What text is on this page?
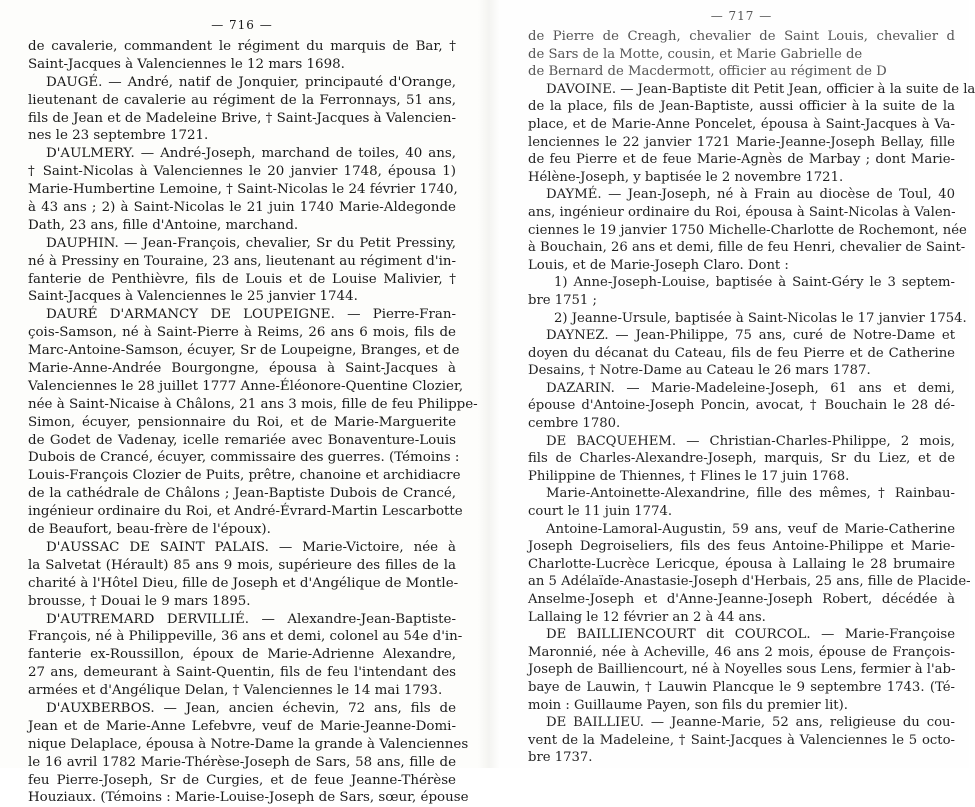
— 716 —
de cavalerie, commandent le régiment du marquis de Bar, †
Saint-Jacques à Valenciennes le 12 mars 1698.
DAUGÉ. — André, natif de Jonquier, principauté d'Orange,
lieutenant de cavalerie au régiment de la Ferronnays, 51 ans,
fils de Jean et de Madeleine Brive, † Saint-Jacques à Valencien-
nes le 23 septembre 1721.
D'AULMERY. — André-Joseph, marchand de toiles, 40 ans,
† Saint-Nicolas à Valenciennes le 20 janvier 1748, épousa 1)
Marie-Humbertine Lemoine, † Saint-Nicolas le 24 février 1740,
à 43 ans ; 2) à Saint-Nicolas le 21 juin 1740 Marie-Aldegonde
Dath, 23 ans, fille d'Antoine, marchand.
DAUPHIN. — Jean-François, chevalier, Sr du Petit Pressiny,
né à Pressiny en Touraine, 23 ans, lieutenant au régiment d'in-
fanterie de Penthièvre, fils de Louis et de Louise Malivier, †
Saint-Jacques à Valenciennes le 25 janvier 1744.
DAURÉ D'ARMANCY DE LOUPEIGNE. — Pierre-Fran-
çois-Samson, né à Saint-Pierre à Reims, 26 ans 6 mois, fils de
Marc-Antoine-Samson, écuyer, Sr de Loupeigne, Branges, et de
Marie-Anne-Andrée Bourgongne, épousa à Saint-Jacques à
Valenciennes le 28 juillet 1777 Anne-Éléonore-Quentine Clozier,
née à Saint-Nicaise à Châlons, 21 ans 3 mois, fille de feu Philippe-
Simon, écuyer, pensionnaire du Roi, et de Marie-Marguerite
de Godet de Vadenay, icelle remariée avec Bonaventure-Louis
Dubois de Crancé, écuyer, commissaire des guerres. (Témoins :
Louis-François Clozier de Puits, prêtre, chanoine et archidiacre
de la cathédrale de Châlons ; Jean-Baptiste Dubois de Crancé,
ingénieur ordinaire du Roi, et André-Évrard-Martin Lescarbotte
de Beaufort, beau-frère de l'époux).
D'AUSSAC DE SAINT PALAIS. — Marie-Victoire, née à
la Salvetat (Hérault) 85 ans 9 mois, supérieure des filles de la
charité à l'Hôtel Dieu, fille de Joseph et d'Angélique de Montle-
brousse, † Douai le 9 mars 1895.
D'AUTREMARD DERVILLIÉ. — Alexandre-Jean-Baptiste-
François, né à Philippeville, 36 ans et demi, colonel au 54e d'in-
fanterie ex-Roussillon, époux de Marie-Adrienne Alexandre,
27 ans, demeurant à Saint-Quentin, fils de feu l'intendant des
armées et d'Angélique Delan, † Valenciennes le 14 mai 1793.
D'AUXBERBOS. — Jean, ancien échevin, 72 ans, fils de
Jean et de Marie-Anne Lefebvre, veuf de Marie-Jeanne-Domi-
nique Delaplace, épousa à Notre-Dame la grande à Valenciennes
le 16 avril 1782 Marie-Thérèse-Joseph de Sars, 58 ans, fille de
feu Pierre-Joseph, Sr de Curgies, et de feue Jeanne-Thérèse
Houziaux. (Témoins : Marie-Louise-Joseph de Sars, sœur, épouse
— 717 —
de Pierre de Creagh, chevalier de Saint Louis, chevalier d
de Sars de la Motte, cousin, et Marie Gabrielle de
de Bernard de Macdermott, officier au régiment de D
DAVOINE. — Jean-Baptiste dit Petit Jean, officier à la suite de la
de la place, fils de Jean-Baptiste, aussi officier à la suite de la
place, et de Marie-Anne Poncelet, épousa à Saint-Jacques à Va-
lenciennes le 22 janvier 1721 Marie-Jeanne-Joseph Bellay, fille
de feu Pierre et de feue Marie-Agnès de Marbay ; dont Marie-
Hélène-Joseph, y baptisée le 2 novembre 1721.
DAYMÉ. — Jean-Joseph, né à Frain au diocèse de Toul, 40
ans, ingénieur ordinaire du Roi, épousa à Saint-Nicolas à Valen-
ciennes le 19 janvier 1750 Michelle-Charlotte de Rochemont, née
à Bouchain, 26 ans et demi, fille de feu Henri, chevalier de Saint-
Louis, et de Marie-Joseph Claro. Dont :
1) Anne-Joseph-Louise, baptisée à Saint-Géry le 3 septem-
bre 1751 ;
2) Jeanne-Ursule, baptisée à Saint-Nicolas le 17 janvier 1754.
DAYNEZ. — Jean-Philippe, 75 ans, curé de Notre-Dame et
doyen du décanat du Cateau, fils de feu Pierre et de Catherine
Desains, † Notre-Dame au Cateau le 26 mars 1787.
DAZARIN. — Marie-Madeleine-Joseph, 61 ans et demi,
épouse d'Antoine-Joseph Poncin, avocat, † Bouchain le 28 dé-
cembre 1780.
DE BACQUEHEM. — Christian-Charles-Philippe, 2 mois,
fils de Charles-Alexandre-Joseph, marquis, Sr du Liez, et de
Philippine de Thiennes, † Flines le 17 juin 1768.
Marie-Antoinette-Alexandrine, fille des mêmes, † Rainbau-
court le 11 juin 1774.
Antoine-Lamoral-Augustin, 59 ans, veuf de Marie-Catherine
Joseph Degroiseliers, fils des feus Antoine-Philippe et Marie-
Charlotte-Lucrèce Lericque, épousa à Lallaing le 28 brumaire
an 5 Adélaïde-Anastasie-Joseph d'Herbais, 25 ans, fille de Placide-
Anselme-Joseph et d'Anne-Jeanne-Joseph Robert, décédée à
Lallaing le 12 février an 2 à 44 ans.
DE BAILLIENCOURT dit COURCOL. — Marie-Françoise
Maronnié, née à Acheville, 46 ans 2 mois, épouse de François-
Joseph de Bailliencourt, né à Noyelles sous Lens, fermier à l'ab-
baye de Lauwin, † Lauwin Plancque le 9 septembre 1743. (Té-
moin : Guillaume Payen, son fils du premier lit).
DE BAILLIEU. — Jeanne-Marie, 52 ans, religieuse du cou-
vent de la Madeleine, † Saint-Jacques à Valenciennes le 5 octo-
bre 1737.
